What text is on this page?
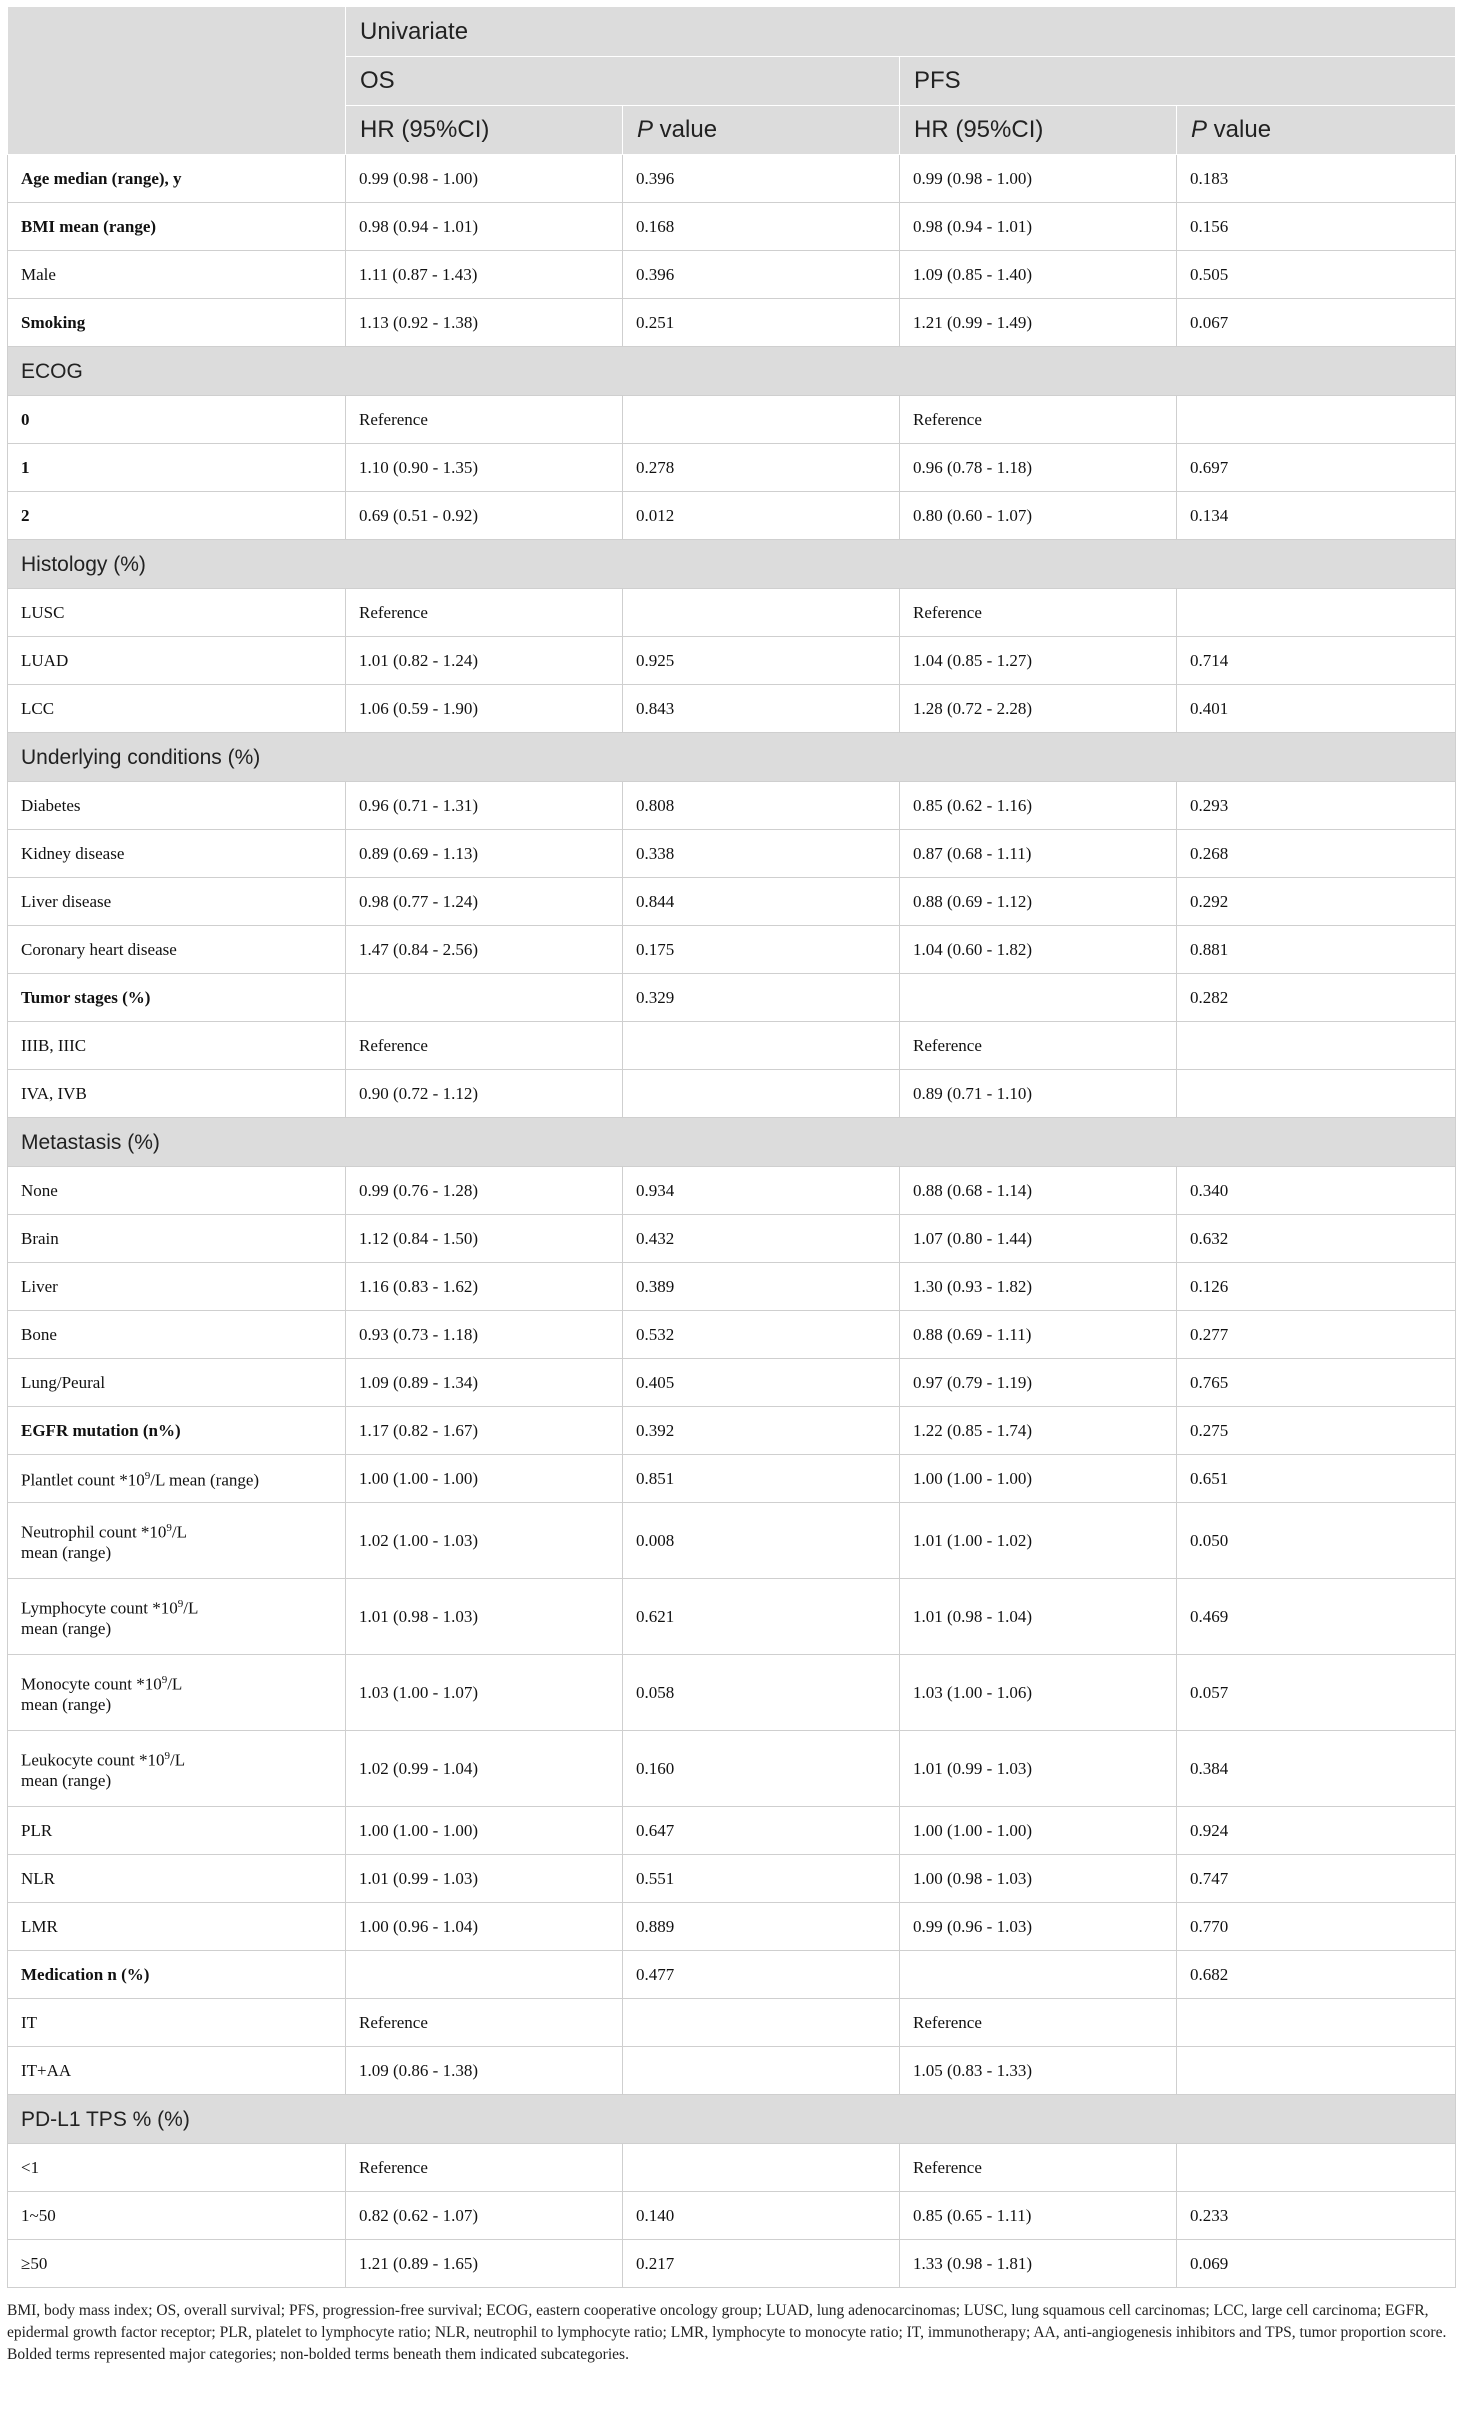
	Univariate			
	OS		PFS	
	HR (95%CI)	P value	HR (95%CI)	P value
Age median (range), y	0.99 (0.98 - 1.00)	0.396	0.99 (0.98 - 1.00)	0.183
BMI mean (range)	0.98 (0.94 - 1.01)	0.168	0.98 (0.94 - 1.01)	0.156
Male	1.11 (0.87 - 1.43)	0.396	1.09 (0.85 - 1.40)	0.505
Smoking	1.13 (0.92 - 1.38)	0.251	1.21 (0.99 - 1.49)	0.067
ECOG				
0	Reference		Reference	
1	1.10 (0.90 - 1.35)	0.278	0.96 (0.78 - 1.18)	0.697
2	0.69 (0.51 - 0.92)	0.012	0.80 (0.60 - 1.07)	0.134
Histology (%)				
LUSC	Reference		Reference	
LUAD	1.01 (0.82 - 1.24)	0.925	1.04 (0.85 - 1.27)	0.714
LCC	1.06 (0.59 - 1.90)	0.843	1.28 (0.72 - 2.28)	0.401
Underlying conditions (%)				
Diabetes	0.96 (0.71 - 1.31)	0.808	0.85 (0.62 - 1.16)	0.293
Kidney disease	0.89 (0.69 - 1.13)	0.338	0.87 (0.68 - 1.11)	0.268
Liver disease	0.98 (0.77 - 1.24)	0.844	0.88 (0.69 - 1.12)	0.292
Coronary heart disease	1.47 (0.84 - 2.56)	0.175	1.04 (0.60 - 1.82)	0.881
Tumor stages (%)		0.329		0.282
IIIB, IIIC	Reference		Reference	
IVA, IVB	0.90 (0.72 - 1.12)		0.89 (0.71 - 1.10)	
Metastasis (%)				
None	0.99 (0.76 - 1.28)	0.934	0.88 (0.68 - 1.14)	0.340
Brain	1.12 (0.84 - 1.50)	0.432	1.07 (0.80 - 1.44)	0.632
Liver	1.16 (0.83 - 1.62)	0.389	1.30 (0.93 - 1.82)	0.126
Bone	0.93 (0.73 - 1.18)	0.532	0.88 (0.69 - 1.11)	0.277
Lung/Peural	1.09 (0.89 - 1.34)	0.405	0.97 (0.79 - 1.19)	0.765
EGFR mutation (n%)	1.17 (0.82 - 1.67)	0.392	1.22 (0.85 - 1.74)	0.275
Plantlet count $*10^9/L$ mean (range)	1.00 (1.00 - 1.00)	0.851	1.00 (1.00 - 1.00)	0.651
Neutrophil count $*10^9/L$
mean (range)	1.02 (1.00 - 1.03)	0.008	1.01 (1.00 - 1.02)	0.050
Lymphocyte count $*10^9/L$
mean (range)	1.01 (0.98 - 1.03)	0.621	1.01 (0.98 - 1.04)	0.469
Monocyte count $*10^9/L$
mean (range)	1.03 (1.00 - 1.07)	0.058	1.03 (1.00 - 1.06)	0.057
Leukocyte count $*10^9/L$
mean (range)	1.02 (0.99 - 1.04)	0.160	1.01 (0.99 - 1.03)	0.384
PLR	1.00 (1.00 - 1.00)	0.647	1.00 (1.00 - 1.00)	0.924
NLR	1.01 (0.99 - 1.03)	0.551	1.00 (0.98 - 1.03)	0.747
LMR	1.00 (0.96 - 1.04)	0.889	0.99 (0.96 - 1.03)	0.770
Medication n (%)		0.477		0.682
IT	Reference		Reference	
IT+AA	1.09 (0.86 - 1.38)		1.05 (0.83 - 1.33)	
PD-L1 TPS % (%)				
<1	Reference		Reference	
1~50	0.82 (0.62 - 1.07)	0.140	0.85 (0.65 - 1.11)	0.233
≥50	1.21 (0.89 - 1.65)	0.217	1.33 (0.98 - 1.81)	0.069

BMI, body mass index; OS, overall survival; PFS, progression-free survival; ECOG, eastern cooperative oncology group; LUAD, lung adenocarcinomas; LUSC, lung squamous cell carcinomas; LCC, large cell carcinoma; EGFR, epidermal growth factor receptor; PLR, platelet to lymphocyte ratio; NLR, neutrophil to lymphocyte ratio; LMR, lymphocyte to monocyte ratio; IT, immunotherapy; AA, anti-angiogenesis inhibitors and TPS, tumor proportion score.

Bolded terms represented major categories; non-bolded terms beneath them indicated subcategories.
